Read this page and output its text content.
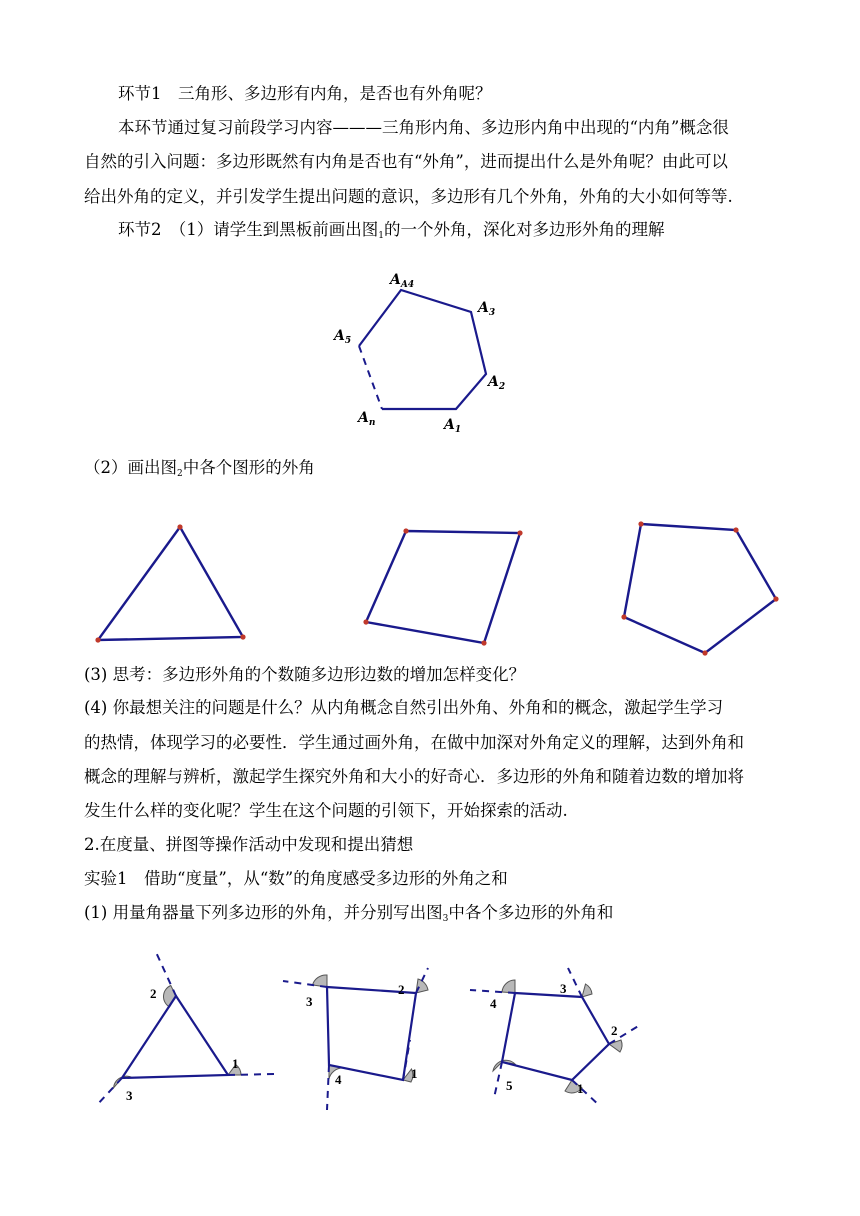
环节1　三角形、多边形有内角，是否也有外角呢？
本环节通过复习前段学习内容———三角形内角、多边形内角中出现的“内角”概念很
自然的引入问题：多边形既然有内角是否也有“外角”，进而提出什么是外角呢？由此可以
给出外角的定义，并引发学生提出问题的意识，多边形有几个外角，外角的大小如何等等.
环节2　（1）请学生到黑板前画出图$_1$的一个外角，深化对多边形外角的理解
$A_{A4}$
$A_3$
$A_5$
$A_2$
$A_n$	$A_1$
（2）画出图$_2$中各个图形的外角
(3) 思考：多边形外角的个数随多边形边数的增加怎样变化？
(4) 你最想关注的问题是什么？从内角概念自然引出外角、外角和的概念，激起学生学习
的热情，体现学习的必要性．学生通过画外角，在做中加深对外角定义的理解，达到外角和
概念的理解与辨析，激起学生探究外角和大小的好奇心．多边形的外角和随着边数的增加将
发生什么样的变化呢？学生在这个问题的引领下，开始探索的活动.
2.在度量、拼图等操作活动中发现和提出猜想
实验1　借助“度量”，从“数”的角度感受多边形的外角之和
(1) 用量角器量下列多边形的外角，并分别写出图$_3$中各个多边形的外角和
1
2
3
1
2
3
4
1
2
3
4
5
